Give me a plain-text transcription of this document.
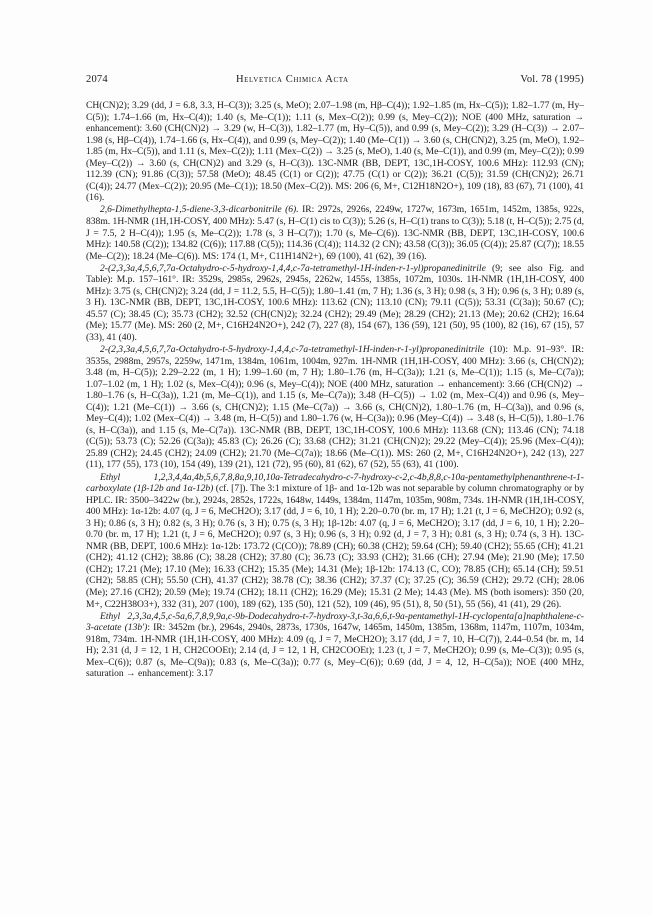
2074	Helvetica Chimica Acta	Vol. 78 (1995)

CH(CN)2); 3.29 (dd, J = 6.8, 3.3, H–C(3)); 3.25 (s, MeO); 2.07–1.98 (m, Hβ–C(4)); 1.92–1.85 (m, Hx–C(5)); 1.82–1.77 (m, Hy–C(5)); 1.74–1.66 (m, Hx–C(4)); 1.40 (s, Me–C(1)); 1.11 (s, Mex–C(2)); 0.99 (s, Mey–C(2)); NOE (400 MHz, saturation → enhancement): 3.60 (CH(CN)2) → 3.29 (w, H–C(3)), 1.82–1.77 (m, Hy–C(5)), and 0.99 (s, Mey–C(2)); 3.29 (H–C(3)) → 2.07–1.98 (s, Hβ–C(4)), 1.74–1.66 (s, Hx–C(4)), and 0.99 (s, Mey–C(2)); 1.40 (Me–C(1)) → 3.60 (s, CH(CN)2), 3.25 (m, MeO), 1.92–1.85 (m, Hx–C(5)), and 1.11 (s, Mex–C(2)); 1.11 (Mex–C(2)) → 3.25 (s, MeO), 1.40 (s, Me–C(1)), and 0.99 (m, Mey–C(2)); 0.99 (Mey–C(2)) → 3.60 (s, CH(CN)2) and 3.29 (s, H–C(3)). 13C-NMR (BB, DEPT, 13C,1H-COSY, 100.6 MHz): 112.93 (CN); 112.39 (CN); 91.86 (C(3)); 57.58 (MeO); 48.45 (C(1) or C(2)); 47.75 (C(1) or C(2)); 36.21 (C(5)); 31.59 (CH(CN)2); 26.71 (C(4)); 24.77 (Mex–C(2)); 20.95 (Me–C(1)); 18.50 (Mex–C(2)). MS: 206 (6, M+, C12H18N2O+), 109 (18), 83 (67), 71 (100), 41 (16).

2,6-Dimethylhepta-1,5-diene-3,3-dicarbonitrile (6). IR: 2972s, 2926s, 2249w, 1727w, 1673m, 1651m, 1452m, 1385s, 922s, 838m. 1H-NMR (1H,1H-COSY, 400 MHz): 5.47 (s, H–C(1) cis to C(3)); 5.26 (s, H–C(1) trans to C(3)); 5.18 (t, H–C(5)); 2.75 (d, J = 7.5, 2 H–C(4)); 1.95 (s, Me–C(2)); 1.78 (s, 3 H–C(7)); 1.70 (s, Me–C(6)). 13C-NMR (BB, DEPT, 13C,1H-COSY, 100.6 MHz): 140.58 (C(2)); 134.82 (C(6)); 117.88 (C(5)); 114.36 (C(4)); 114.32 (2 CN); 43.58 (C(3)); 36.05 (C(4)); 25.87 (C(7)); 18.55 (Me–C(2)); 18.24 (Me–C(6)). MS: 174 (1, M+, C11H14N2+), 69 (100), 41 (62), 39 (16).

2-(2,3,3a,4,5,6,7,7a-Octahydro-c-5-hydroxy-1,4,4,c-7a-tetramethyl-1H-inden-r-1-yl)propanedinitrile (9; see also Fig. and Table): M.p. 157–161°. IR: 3529s, 2985s, 2962s, 2945s, 2262w, 1455s, 1385s, 1072m, 1030s. 1H-NMR (1H,1H-COSY, 400 MHz): 3.75 (s, CH(CN)2); 3.24 (dd, J = 11.2, 5.5, H–C(5)); 1.80–1.41 (m, 7 H); 1.36 (s, 3 H); 0.98 (s, 3 H); 0.96 (s, 3 H); 0.89 (s, 3 H). 13C-NMR (BB, DEPT, 13C,1H-COSY, 100.6 MHz): 113.62 (CN); 113.10 (CN); 79.11 (C(5)); 53.31 (C(3a)); 50.67 (C); 45.57 (C); 38.45 (C); 35.73 (CH2); 32.52 (CH(CN)2); 32.24 (CH2); 29.49 (Me); 28.29 (CH2); 21.13 (Me); 20.62 (CH2); 16.64 (Me); 15.77 (Me). MS: 260 (2, M+, C16H24N2O+), 242 (7), 227 (8), 154 (67), 136 (59), 121 (50), 95 (100), 82 (16), 67 (15), 57 (33), 41 (40).

2-(2,3,3a,4,5,6,7,7a-Octahydro-t-5-hydroxy-1,4,4,c-7a-tetramethyl-1H-inden-r-1-yl)propanedinitrile (10): M.p. 91–93°. IR: 3535s, 2988m, 2957s, 2259w, 1471m, 1384m, 1061m, 1004m, 927m. 1H-NMR (1H,1H-COSY, 400 MHz): 3.66 (s, CH(CN)2); 3.48 (m, H–C(5)); 2.29–2.22 (m, 1 H); 1.99–1.60 (m, 7 H); 1.80–1.76 (m, H–C(3a)); 1.21 (s, Me–C(1)); 1.15 (s, Me–C(7a)); 1.07–1.02 (m, 1 H); 1.02 (s, Mex–C(4)); 0.96 (s, Mey–C(4)); NOE (400 MHz, saturation → enhancement): 3.66 (CH(CN)2) → 1.80–1.76 (s, H–C(3a)), 1.21 (m, Me–C(1)), and 1.15 (s, Me–C(7a)); 3.48 (H–C(5)) → 1.02 (m, Mex–C(4)) and 0.96 (s, Mey–C(4)); 1.21 (Me–C(1)) → 3.66 (s, CH(CN)2); 1.15 (Me–C(7a)) → 3.66 (s, CH(CN)2), 1.80–1.76 (m, H–C(3a)), and 0.96 (s, Mey–C(4)); 1.02 (Mex–C(4)) → 3.48 (m, H–C(5)) and 1.80–1.76 (w, H–C(3a)); 0.96 (Mey–C(4)) → 3.48 (s, H–C(5)), 1.80–1.76 (s, H–C(3a)), and 1.15 (s, Me–C(7a)). 13C-NMR (BB, DEPT, 13C,1H-COSY, 100.6 MHz): 113.68 (CN); 113.46 (CN); 74.18 (C(5)); 53.73 (C); 52.26 (C(3a)); 45.83 (C); 26.26 (C); 33.68 (CH2); 31.21 (CH(CN)2); 29.22 (Mey–C(4)); 25.96 (Mex–C(4)); 25.89 (CH2); 24.45 (CH2); 24.09 (CH2); 21.70 (Me–C(7a)); 18.66 (Me–C(1)). MS: 260 (2, M+, C16H24N2O+), 242 (13), 227 (11), 177 (55), 173 (10), 154 (49), 139 (21), 121 (72), 95 (60), 81 (62), 67 (52), 55 (63), 41 (100).

Ethyl 1,2,3,4,4a,4b,5,6,7,8,8a,9,10,10a-Tetradecahydro-c-7-hydroxy-c-2,c-4b,8,8,c-10a-pentamethylphenanthrene-t-1-carboxylate (1β-12b and 1α-12b) (cf. [7]). The 3:1 mixture of 1β- and 1α-12b was not separable by column chromatography or by HPLC. IR: 3500–3422w (br.), 2924s, 2852s, 1722s, 1648w, 1449s, 1384m, 1147m, 1035m, 908m, 734s. 1H-NMR (1H,1H-COSY, 400 MHz): 1α-12b: 4.07 (q, J = 6, MeCH2O); 3.17 (dd, J = 6, 10, 1 H); 2.20–0.70 (br. m, 17 H); 1.21 (t, J = 6, MeCH2O); 0.92 (s, 3 H); 0.86 (s, 3 H); 0.82 (s, 3 H); 0.76 (s, 3 H); 0.75 (s, 3 H); 1β-12b: 4.07 (q, J = 6, MeCH2O); 3.17 (dd, J = 6, 10, 1 H); 2.20–0.70 (br. m, 17 H); 1.21 (t, J = 6, MeCH2O); 0.97 (s, 3 H); 0.96 (s, 3 H); 0.92 (d, J = 7, 3 H); 0.81 (s, 3 H); 0.74 (s, 3 H). 13C-NMR (BB, DEPT, 100.6 MHz): 1α-12b: 173.72 (C(CO)); 78.89 (CH); 60.38 (CH2); 59.64 (CH); 59.40 (CH2); 55.65 (CH); 41.21 (CH2); 41.12 (CH2); 38.86 (C); 38.28 (CH2); 37.80 (C); 36.73 (C); 33.93 (CH2); 31.66 (CH); 27.94 (Me); 21.90 (Me); 17.50 (CH2); 17.21 (Me); 17.10 (Me); 16.33 (CH2); 15.35 (Me); 14.31 (Me); 1β-12b: 174.13 (C, CO); 78.85 (CH); 65.14 (CH); 59.51 (CH2); 58.85 (CH); 55.50 (CH), 41.37 (CH2); 38.78 (C); 38.36 (CH2); 37.37 (C); 37.25 (C); 36.59 (CH2); 29.72 (CH); 28.06 (Me); 27.16 (CH2); 20.59 (Me); 19.74 (CH2); 18.11 (CH2); 16.29 (Me); 15.31 (2 Me); 14.43 (Me). MS (both isomers): 350 (20, M+, C22H38O3+), 332 (31), 207 (100), 189 (62), 135 (50), 121 (52), 109 (46), 95 (51), 8, 50 (51), 55 (56), 41 (41), 29 (26).

Ethyl 2,3,3a,4,5,c-5a,6,7,8,9,9a,c-9b-Dodecahydro-t-7-hydroxy-3,t-3a,6,6,t-9a-pentamethyl-1H-cyclopenta[a]naphthalene-c-3-acetate (13b'): IR: 3452m (br.), 2964s, 2940s, 2873s, 1730s, 1647w, 1465m, 1450m, 1385m, 1368m, 1147m, 1107m, 1034m, 918m, 734m. 1H-NMR (1H,1H-COSY, 400 MHz): 4.09 (q, J = 7, MeCH2O); 3.17 (dd, J = 7, 10, H–C(7)), 2.44–0.54 (br. m, 14 H); 2.31 (d, J = 12, 1 H, CH2COOEt); 2.14 (d, J = 12, 1 H, CH2COOEt); 1.23 (t, J = 7, MeCH2O); 0.99 (s, Me–C(3)); 0.95 (s, Mex–C(6)); 0.87 (s, Me–C(9a)); 0.83 (s, Me–C(3a)); 0.77 (s, Mey–C(6)); 0.69 (dd, J = 4, 12, H–C(5a)); NOE (400 MHz, saturation → enhancement): 3.17
